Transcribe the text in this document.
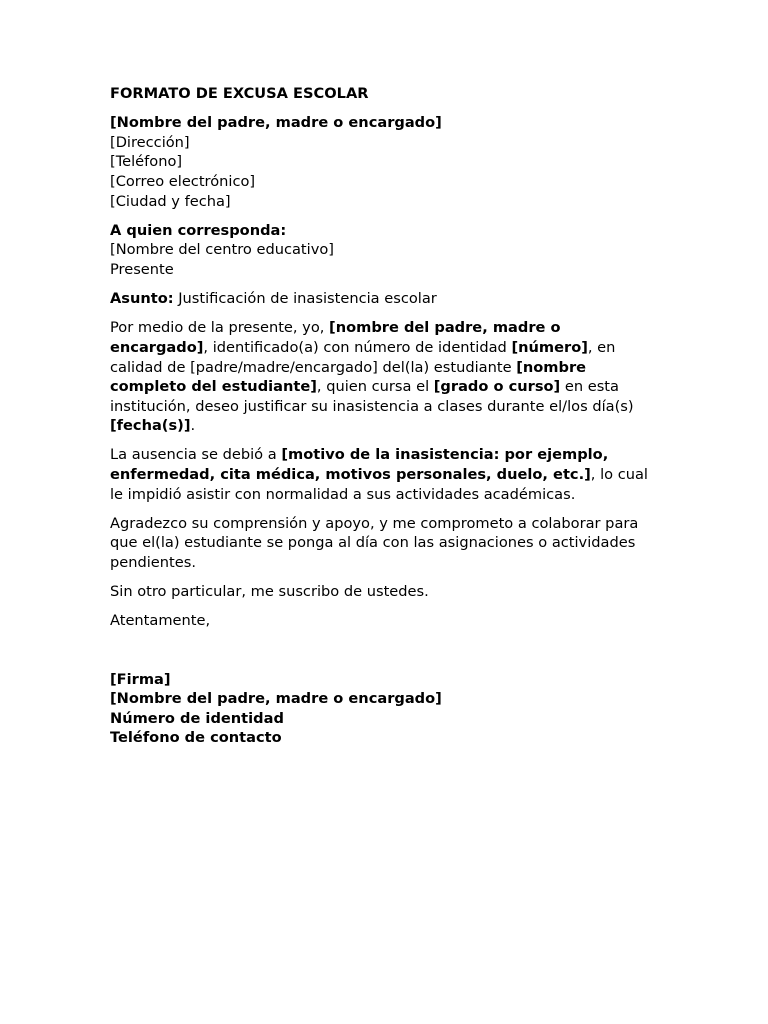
FORMATO DE EXCUSA ESCOLAR
[Nombre del padre, madre o encargado]
[Dirección]
[Teléfono]
[Correo electrónico]
[Ciudad y fecha]
A quien corresponda:
[Nombre del centro educativo]
Presente
Asunto: Justificación de inasistencia escolar
Por medio de la presente, yo, [nombre del padre, madre o encargado], identificado(a) con número de identidad [número], en calidad de [padre/madre/encargado] del(la) estudiante [nombre completo del estudiante], quien cursa el [grado o curso] en esta institución, deseo justificar su inasistencia a clases durante el/los día(s) [fecha(s)].
La ausencia se debió a [motivo de la inasistencia: por ejemplo, enfermedad, cita médica, motivos personales, duelo, etc.], lo cual le impidió asistir con normalidad a sus actividades académicas.
Agradezco su comprensión y apoyo, y me comprometo a colaborar para que el(la) estudiante se ponga al día con las asignaciones o actividades pendientes.
Sin otro particular, me suscribo de ustedes.
Atentamente,
[Firma]
[Nombre del padre, madre o encargado]
Número de identidad
Teléfono de contacto
